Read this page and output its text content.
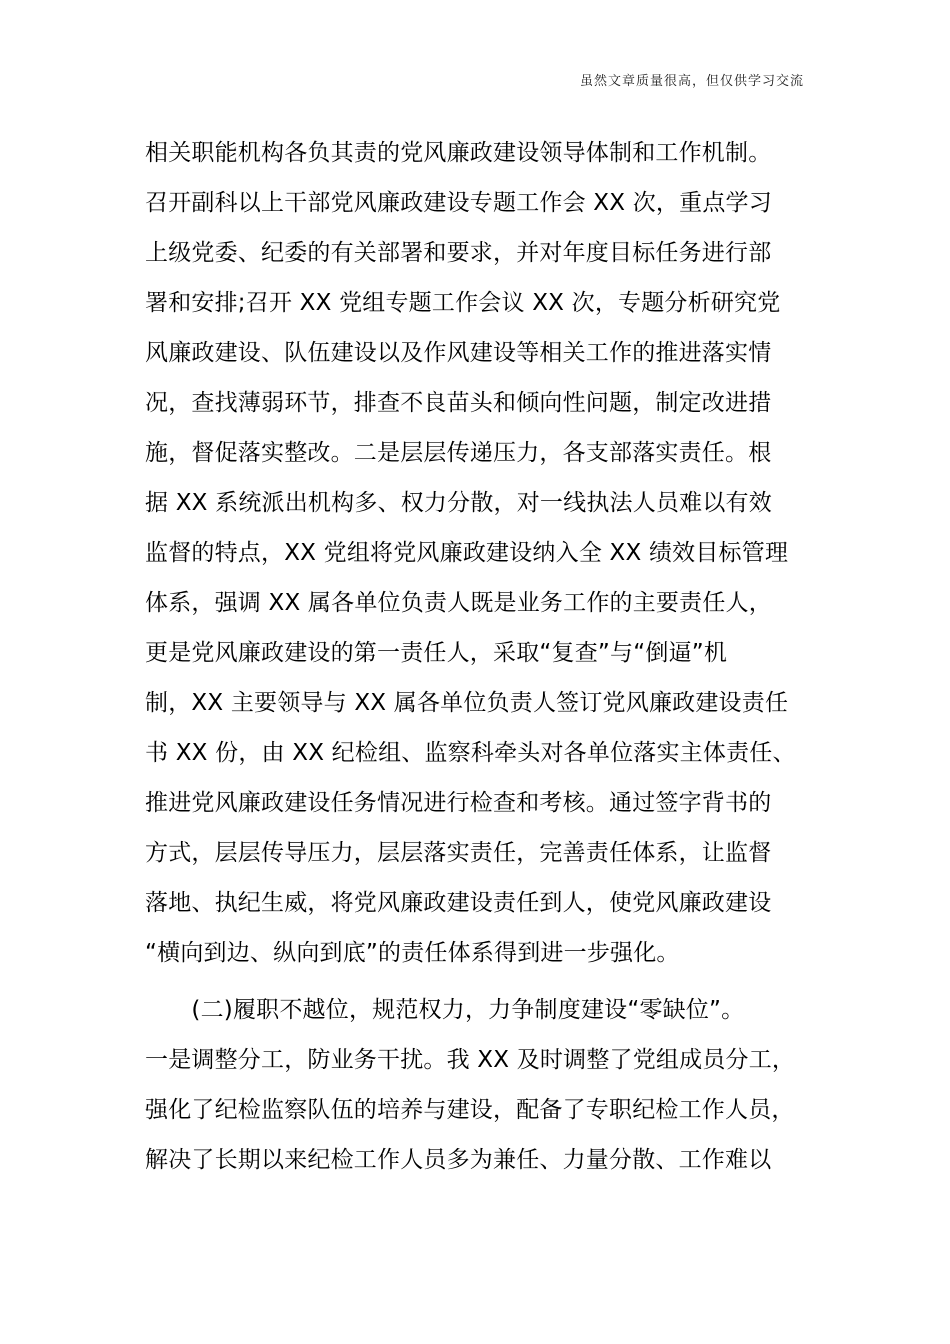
虽然文章质量很高，但仅供学习交流
相关职能机构各负其责的党风廉政建设领导体制和工作机制。
召开副科以上干部党风廉政建设专题工作会 XX 次，重点学习
上级党委、纪委的有关部署和要求，并对年度目标任务进行部
署和安排;召开 XX 党组专题工作会议 XX 次，专题分析研究党
风廉政建设、队伍建设以及作风建设等相关工作的推进落实情
况，查找薄弱环节，排查不良苗头和倾向性问题，制定改进措
施，督促落实整改。二是层层传递压力，各支部落实责任。根
据 XX 系统派出机构多、权力分散，对一线执法人员难以有效
监督的特点，XX 党组将党风廉政建设纳入全 XX 绩效目标管理
体系，强调 XX 属各单位负责人既是业务工作的主要责任人，
更是党风廉政建设的第一责任人，采取“复查”与“倒逼”机
制，XX 主要领导与 XX 属各单位负责人签订党风廉政建设责任
书 XX 份，由 XX 纪检组、监察科牵头对各单位落实主体责任、
推进党风廉政建设任务情况进行检查和考核。通过签字背书的
方式，层层传导压力，层层落实责任，完善责任体系，让监督
落地、执纪生威，将党风廉政建设责任到人，使党风廉政建设
“横向到边、纵向到底”的责任体系得到进一步强化。
　　(二)履职不越位，规范权力，力争制度建设“零缺位”。
一是调整分工，防业务干扰。我 XX 及时调整了党组成员分工，
强化了纪检监察队伍的培养与建设，配备了专职纪检工作人员，
解决了长期以来纪检工作人员多为兼任、力量分散、工作难以
